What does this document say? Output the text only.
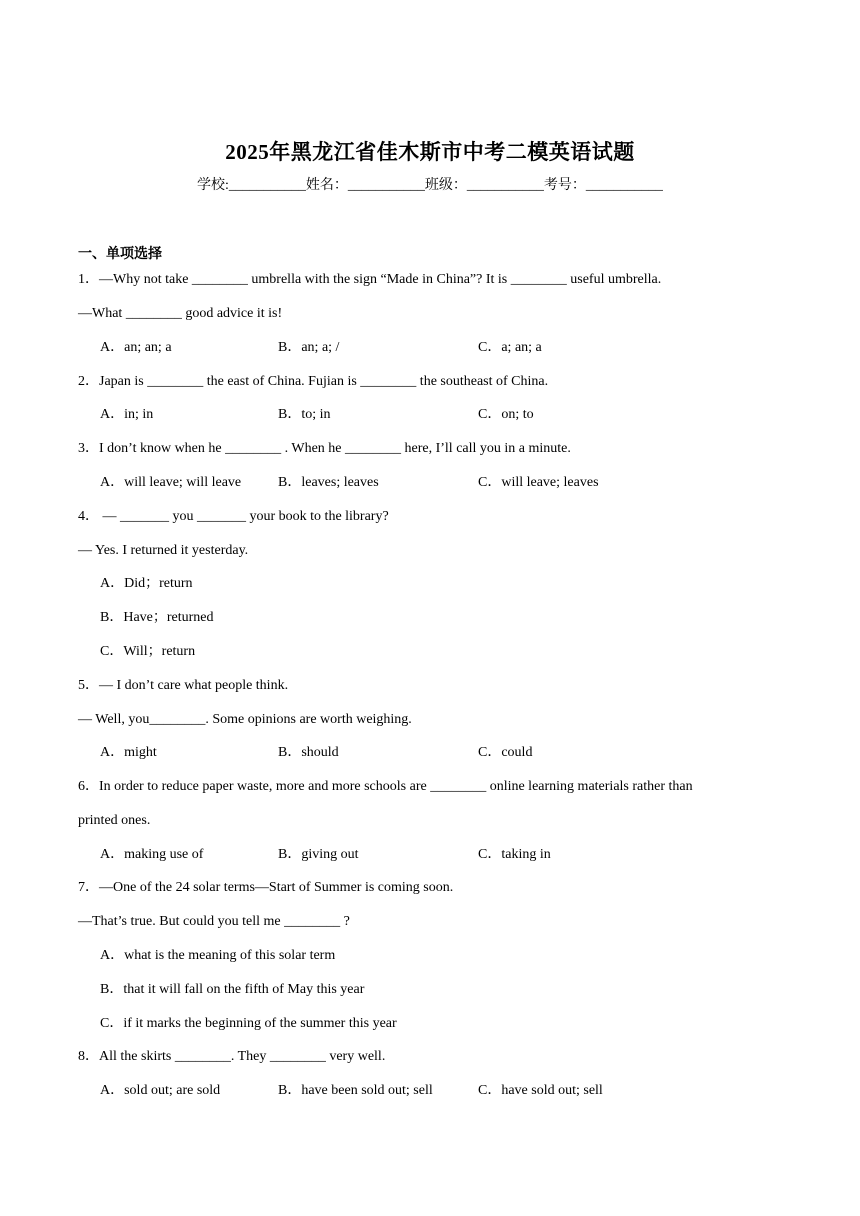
2025年黑龙江省佳木斯市中考二模英语试题
学校:___________姓名：___________班级：___________考号：___________
一、单项选择
1．—Why not take ________ umbrella with the sign “Made in China”? It is ________ useful umbrella.
—What ________ good advice it is!
A．an; an; a	B．an; a; /	C．a; an; a
2．Japan is ________ the east of China. Fujian is ________ the southeast of China.
A．in; in	B．to; in	C．on; to
3．I don’t know when he ________ . When he ________ here, I’ll call you in a minute.
A．will leave; will leave	B．leaves; leaves	C．will leave; leaves
4． — _______ you _______ your book to the library?
— Yes. I returned it yesterday.
A．Did；return
B．Have；returned
C．Will；return
5．— I don’t care what people think.
— Well, you________. Some opinions are worth weighing.
A．might	B．should	C．could
6．In order to reduce paper waste, more and more schools are ________ online learning materials rather than
printed ones.
A．making use of	B．giving out	C．taking in
7．—One of the 24 solar terms—Start of Summer is coming soon.
—That’s true. But could you tell me ________ ?
A．what is the meaning of this solar term
B．that it will fall on the fifth of May this year
C．if it marks the beginning of the summer this year
8．All the skirts ________. They ________ very well.
A．sold out; are sold	B．have been sold out; sell	C．have sold out; sell
